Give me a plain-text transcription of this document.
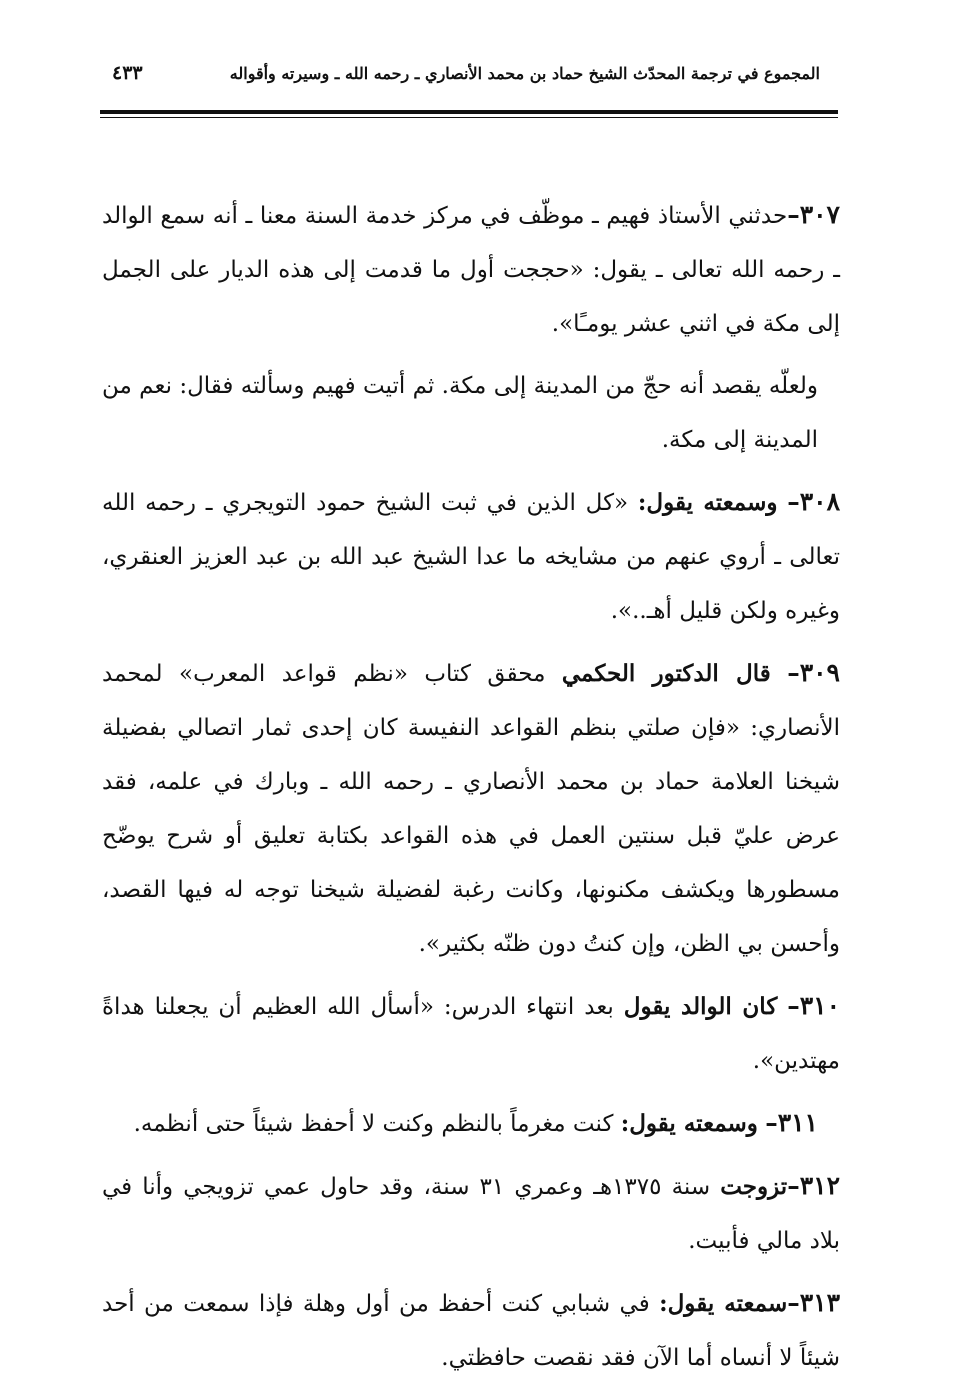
المجموع في ترجمة المحدّث الشيخ حماد بن محمد الأنصاري ـ رحمه الله ـ وسيرته وأقواله
٤٣٣

٣٠٧–حدثني الأستاذ فهيم ـ موظّف في مركز خدمة السنة معنا ـ أنه سمع الوالد ـ رحمه الله تعالى ـ يقول: «حججت أول ما قدمت إلى هذه الديار على الجمل إلى مكة في اثني عشر يومـًا».

ولعلّه يقصد أنه حجّ من المدينة إلى مكة. ثم أتيت فهيم وسألته فقال: نعم من المدينة إلى مكة.

٣٠٨– وسمعته يقول: «كل الذين في ثبت الشيخ حمود التويجري ـ رحمه الله تعالى ـ أروي عنهم من مشايخه ما عدا الشيخ عبد الله بن عبد العزيز العنقري، وغيره ولكن قليل أهـ..».

٣٠٩– قال الدكتور الحكمي محقق كتاب «نظم قواعد المعرب» لمحمد الأنصاري: «فإن صلتي بنظم القواعد النفيسة كان إحدى ثمار اتصالي بفضيلة شيخنا العلامة حماد بن محمد الأنصاري ـ رحمه الله ـ وبارك في علمه، فقد عرض عليّ قبل سنتين العمل في هذه القواعد بكتابة تعليق أو شرح يوضّح مسطورها ويكشف مكنونها، وكانت رغبة لفضيلة شيخنا توجه له فيها القصد، وأحسن بي الظن، وإن كنتُ دون ظنّه بكثير».

٣١٠– كان الوالد يقول بعد انتهاء الدرس: «أسأل الله العظيم أن يجعلنا هداةً مهتدين».

٣١١– وسمعته يقول: كنت مغرماً بالنظم وكنت لا أحفظ شيئاً حتى أنظمه.

٣١٢–تزوجت سنة ١٣٧٥هـ وعمري ٣١ سنة، وقد حاول عمي تزويجي وأنا في بلاد مالي فأبيت.

٣١٣–سمعته يقول: في شبابي كنت أحفظ من أول وهلة فإذا سمعت من أحد شيئاً لا أنساه أما الآن فقد نقصت حافظتي.
